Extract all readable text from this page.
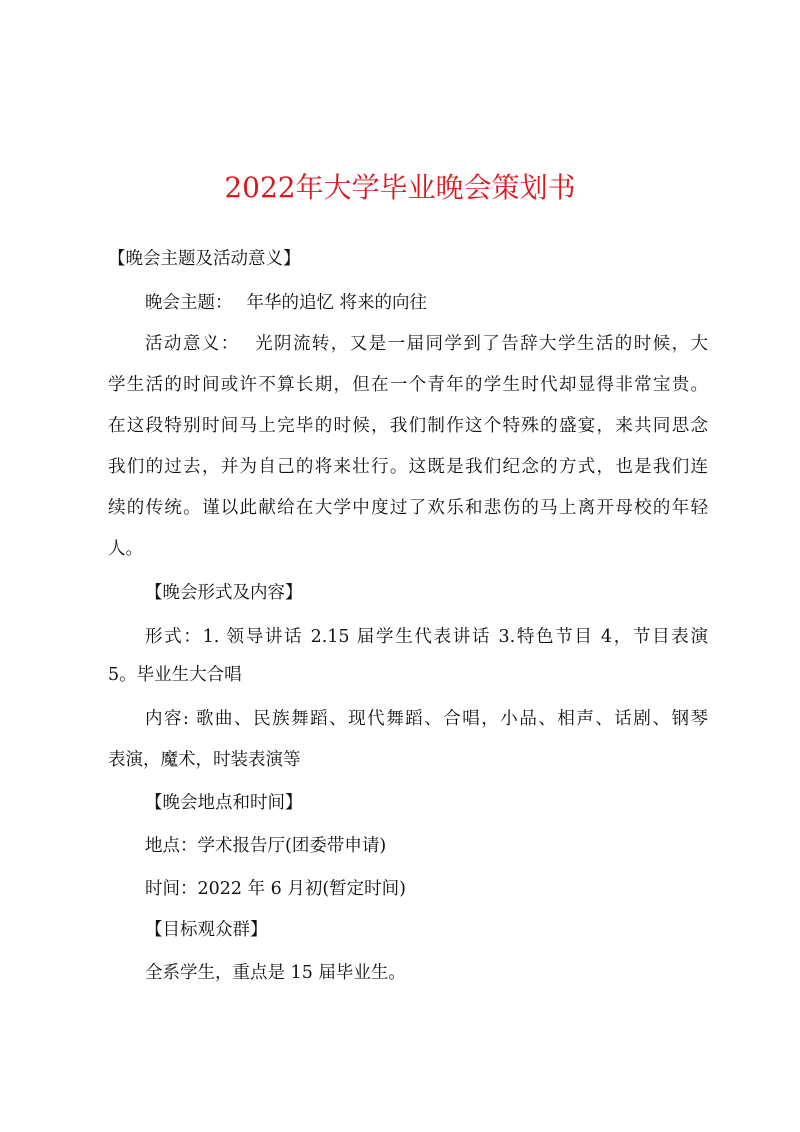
2022年大学毕业晚会策划书
【晚会主题及活动意义】
晚会主题： 年华的追忆 将来的向往
活动意义： 光阴流转，又是一届同学到了告辞大学生活的时候，大
学生活的时间或许不算长期，但在一个青年的学生时代却显得非常宝贵。
在这段特别时间马上完毕的时候，我们制作这个特殊的盛宴，来共同思念
我们的过去，并为自己的将来壮行。这既是我们纪念的方式，也是我们连
续的传统。谨以此献给在大学中度过了欢乐和悲伤的马上离开母校的年轻
人。
【晚会形式及内容】
形式：1. 领导讲话 2.15 届学生代表讲话 3.特色节目 4，节目表演
5。毕业生大合唱
内容: 歌曲、民族舞蹈、现代舞蹈、合唱，小品、相声、话剧、钢琴
表演，魔术，时装表演等
【晚会地点和时间】
地点：学术报告厅(团委带申请)
时间：2022 年 6 月初(暂定时间)
【目标观众群】
全系学生，重点是 15 届毕业生。
